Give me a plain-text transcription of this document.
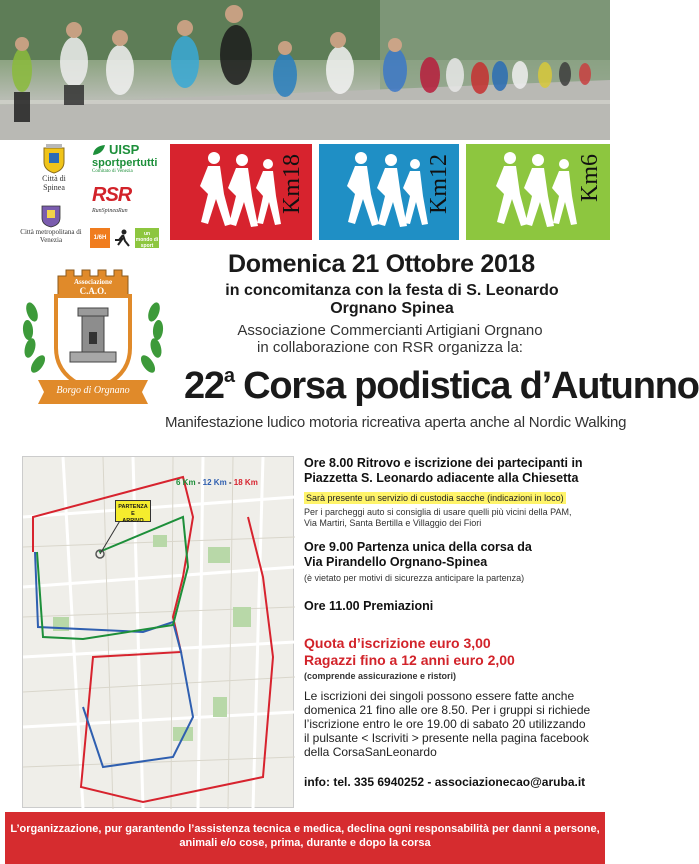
Città di Spinea
Città metropolitana di Venezia
UISP
sportpertutti
Comitato di Venezia
RSR
RunSpineaRun
1/6H
un mondo di sport
Km18	Km12	Km6
Associazione
C.A.O.
Borgo di Orgnano
Domenica 21 Ottobre 2018
in concomitanza con la festa di S. Leonardo
Orgnano Spinea
Associazione Commercianti Artigiani Orgnano
in collaborazione con RSR organizza la:
22$^a$ Corsa podistica d’Autunno
Manifestazione ludico motoria ricreativa aperta anche al Nordic Walking
6 Km - 12 Km - 18 Km
PARTENZA
E
ARRIVO
Ore 8.00 Ritrovo e iscrizione dei partecipanti in
Piazzetta S. Leonardo adiacente alla Chiesetta
Sarà presente un servizio di custodia sacche (indicazioni in loco)
Per i parcheggi auto si consiglia di usare quelli più vicini della PAM,
Via Martiri, Santa Bertilla e Villaggio dei Fiori
Ore 9.00 Partenza unica della corsa da
Via Pirandello Orgnano-Spinea
(è vietato per motivi di sicurezza anticipare la partenza)
Ore 11.00 Premiazioni
Quota d’iscrizione euro 3,00
Ragazzi fino a 12 anni euro 2,00
(comprende assicurazione e ristori)
Le iscrizioni dei singoli possono essere fatte anche
domenica 21 fino alle ore 8.50. Per i gruppi si richiede
l’iscrizione entro le ore 19.00 di sabato 20 utilizzando
il pulsante < Iscriviti > presente nella pagina facebook
della CorsaSanLeonardo
info: tel. 335 6940252 - associazionecao@aruba.it
L’organizzazione, pur garantendo l’assistenza tecnica e medica, declina ogni responsabilità per danni a persone,
animali e/o cose, prima, durante e dopo la corsa
